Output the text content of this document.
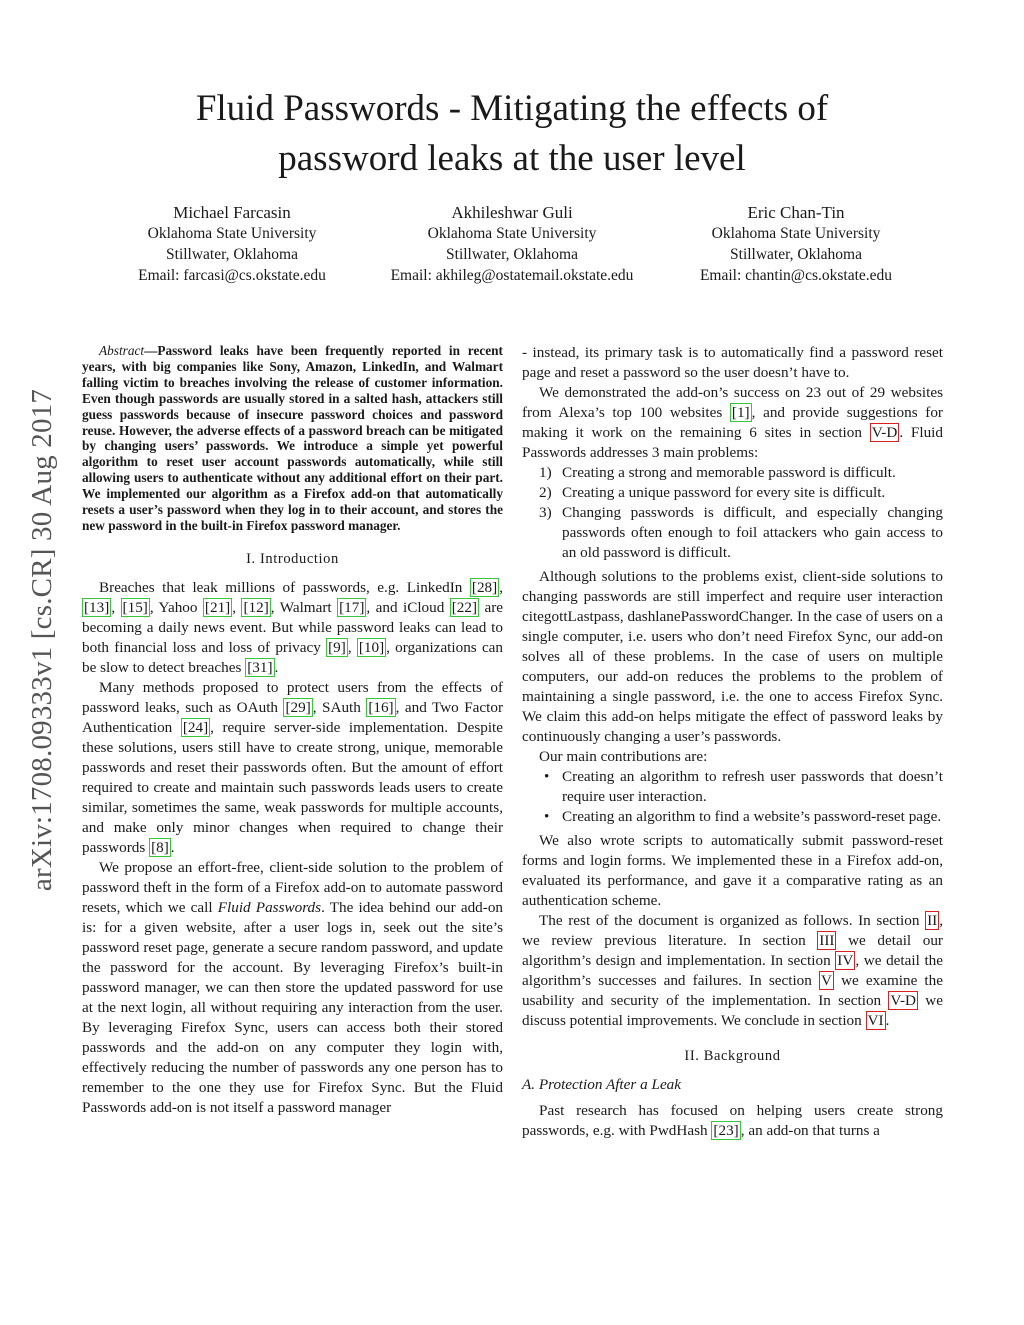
Fluid Passwords - Mitigating the effects of
password leaks at the user level
Michael Farcasin
Oklahoma State University
Stillwater, Oklahoma
Email: farcasi@cs.okstate.edu
Akhileshwar Guli
Oklahoma State University
Stillwater, Oklahoma
Email: akhileg@ostatemail.okstate.edu
Eric Chan-Tin
Oklahoma State University
Stillwater, Oklahoma
Email: chantin@cs.okstate.edu
arXiv:1708.09333v1 [cs.CR] 30 Aug 2017

Abstract—Password leaks have been frequently reported in recent years, with big companies like Sony, Amazon, LinkedIn, and Walmart falling victim to breaches involving the release of customer information. Even though passwords are usually stored in a salted hash, attackers still guess passwords because of insecure password choices and password reuse. However, the adverse effects of a password breach can be mitigated by changing users’ passwords. We introduce a simple yet powerful algorithm to reset user account passwords automatically, while still allowing users to authenticate without any additional effort on their part. We implemented our algorithm as a Firefox add-on that automatically resets a user’s password when they log in to their account, and stores the new password in the built-in Firefox password manager.

I. Introduction

Breaches that leak millions of passwords, e.g. LinkedIn [28] , [13] , [15] , Yahoo [21] , [12] , Walmart [17] , and iCloud [22] are becoming a daily news event. But while password leaks can lead to both financial loss and loss of privacy [9] , [10] , organizations can be slow to detect breaches [31] .

Many methods proposed to protect users from the effects of password leaks, such as OAuth [29] , SAuth [16] , and Two Factor Authentication [24] , require server-side implementation. Despite these solutions, users still have to create strong, unique, memorable passwords and reset their passwords often. But the amount of effort required to create and maintain such passwords leads users to create similar, sometimes the same, weak passwords for multiple accounts, and make only minor changes when required to change their passwords [8] .

We propose an effort-free, client-side solution to the problem of password theft in the form of a Firefox add-on to automate password resets, which we call Fluid Passwords. The idea behind our add-on is: for a given website, after a user logs in, seek out the site’s password reset page, generate a secure random password, and update the password for the account. By leveraging Firefox’s built-in password manager, we can then store the updated password for use at the next login, all without requiring any interaction from the user. By leveraging Firefox Sync, users can access both their stored passwords and the add-on on any computer they login with, effectively reducing the number of passwords any one person has to remember to the one they use for Firefox Sync. But the Fluid Passwords add-on is not itself a password manager

- instead, its primary task is to automatically find a password reset page and reset a password so the user doesn’t have to.

We demonstrated the add-on’s success on 23 out of 29 websites from Alexa’s top 100 websites [1] , and provide suggestions for making it work on the remaining 6 sites in section V-D . Fluid Passwords addresses 3 main problems:

1) Creating a strong and memorable password is difficult.
2) Creating a unique password for every site is difficult.
3) Changing passwords is difficult, and especially changing passwords often enough to foil attackers who gain access to an old password is difficult.

Although solutions to the problems exist, client-side solutions to changing passwords are still imperfect and require user interaction citegottLastpass, dashlanePasswordChanger. In the case of users on a single computer, i.e. users who don’t need Firefox Sync, our add-on solves all of these problems. In the case of users on multiple computers, our add-on reduces the problems to the problem of maintaining a single password, i.e. the one to access Firefox Sync. We claim this add-on helps mitigate the effect of password leaks by continuously changing a user’s passwords.

Our main contributions are:

• Creating an algorithm to refresh user passwords that doesn’t require user interaction.
• Creating an algorithm to find a website’s password-reset page.

We also wrote scripts to automatically submit password-reset forms and login forms. We implemented these in a Firefox add-on, evaluated its performance, and gave it a comparative rating as an authentication scheme.

The rest of the document is organized as follows. In section II , we review previous literature. In section III we detail our algorithm’s design and implementation. In section IV , we detail the algorithm’s successes and failures. In section V we examine the usability and security of the implementation. In section V-D we discuss potential improvements. We conclude in section VI .

II. Background
A. Protection After a Leak

Past research has focused on helping users create strong passwords, e.g. with PwdHash [23] , an add-on that turns a
